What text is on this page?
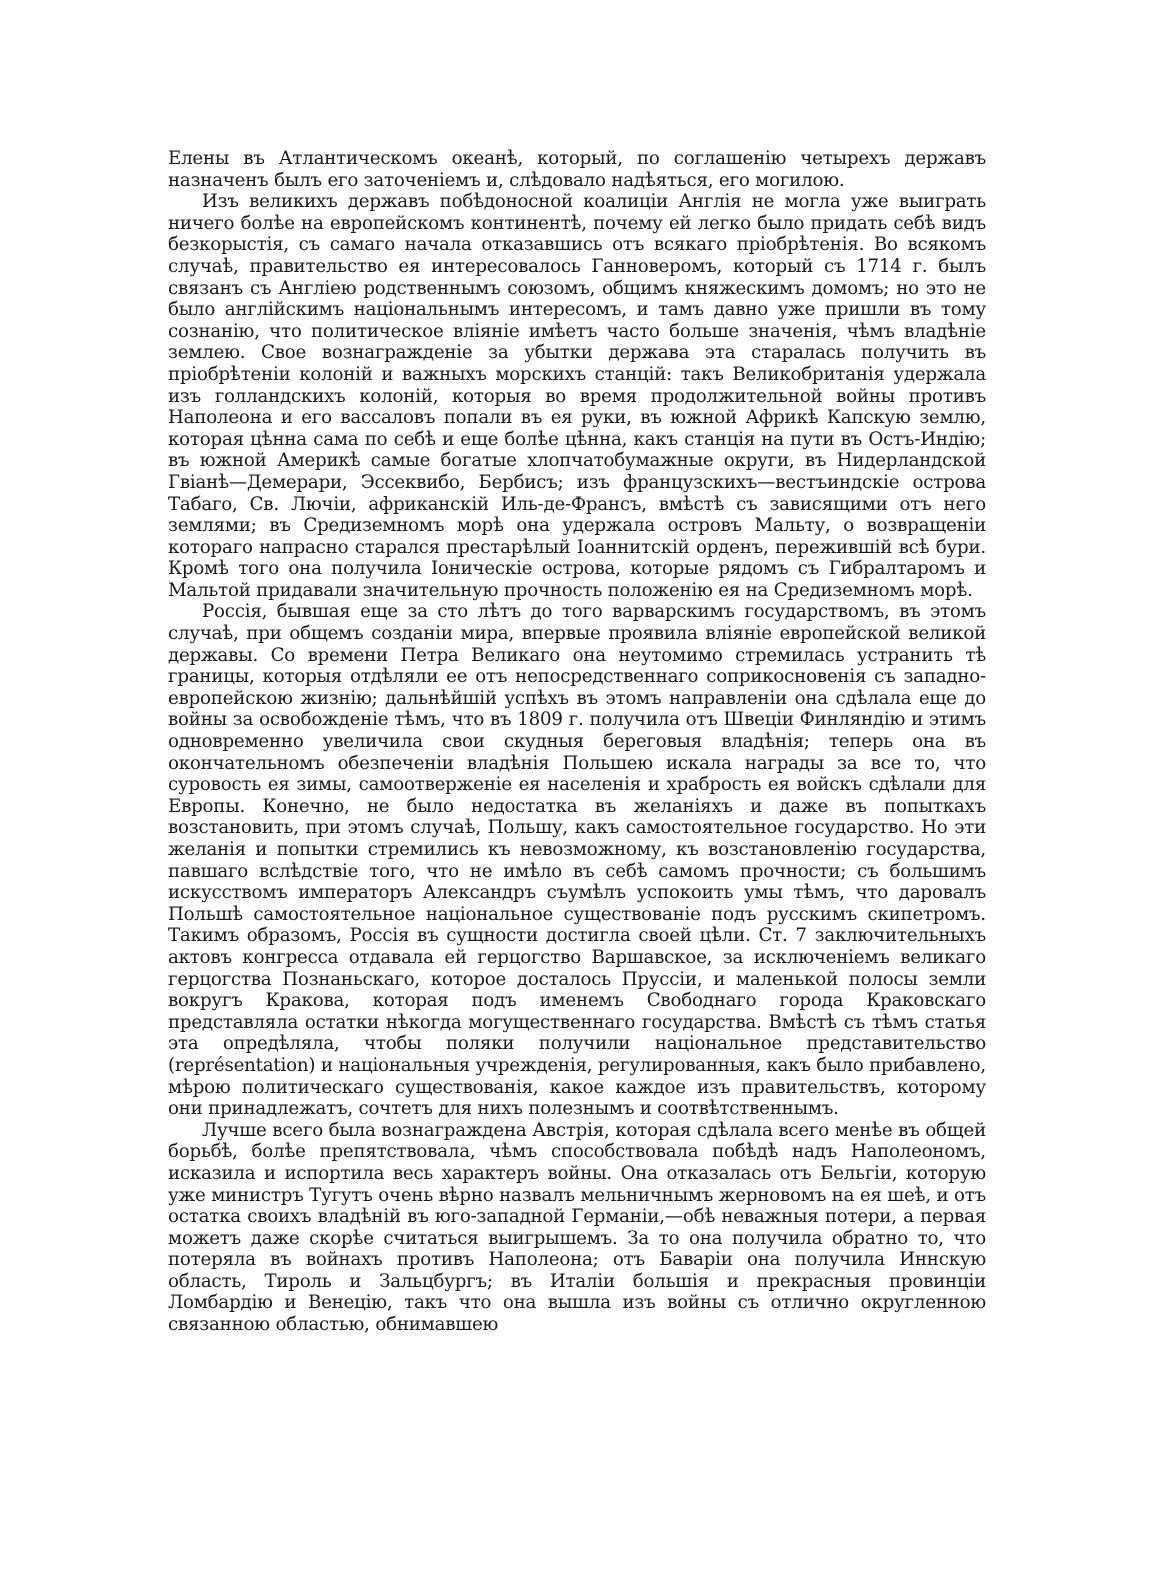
Елены въ Атлантическомъ океанѣ, который, по соглашенію четырехъ державъ назначенъ былъ его заточеніемъ и, слѣдовало надѣяться, его могилою.

Изъ великихъ державъ побѣдоносной коалиціи Англія не могла уже выиграть ничего болѣе на европейскомъ континентѣ, почему ей легко было придать себѣ видъ безкорыстія, съ самаго начала отказавшись отъ всякаго пріобрѣтенія. Во всякомъ случаѣ, правительство ея интересовалось Ганноверомъ, который съ 1714 г. былъ связанъ съ Англіею родственнымъ союзомъ, общимъ княжескимъ домомъ; но это не было англійскимъ національнымъ интересомъ, и тамъ давно уже пришли въ тому сознанію, что политическое вліяніе имѣетъ часто больше значенія, чѣмъ владѣніе землею. Свое вознагражденіе за убытки держава эта старалась получить въ пріобрѣтеніи колоній и важныхъ морскихъ станцій: такъ Великобританія удержала изъ голландскихъ колоній, которыя во время продолжительной войны противъ Наполеона и его вассаловъ попали въ ея руки, въ южной Африкѣ Капскую землю, которая цѣнна сама по себѣ и еще болѣе цѣнна, какъ станція на пути въ Остъ-Индію; въ южной Америкѣ самые богатые хлопчатобумажные округи, въ Нидерландской Гвіанѣ—Демерари, Эссеквибо, Бербисъ; изъ французскихъ—вестъиндскіе острова Табаго, Св. Лючіи, африканскій Иль-де-Франсъ, вмѣстѣ съ зависящими отъ него землями; въ Средиземномъ морѣ она удержала островъ Мальту, о возвращеніи котораго напрасно старался престарѣлый Іоаннитскій орденъ, пережившій всѣ бури. Кромѣ того она получила Іоническіе острова, которые рядомъ съ Гибралтаромъ и Мальтой придавали значительную прочность положенію ея на Средиземномъ морѣ.

Россія, бывшая еще за сто лѣтъ до того варварскимъ государствомъ, въ этомъ случаѣ, при общемъ созданіи мира, впервые проявила вліяніе европейской великой державы. Со времени Петра Великаго она неутомимо стремилась устранить тѣ границы, которыя отдѣляли ее отъ непосредственнаго соприкосновенія съ западно-европейскою жизнію; дальнѣйшій успѣхъ въ этомъ направленіи она сдѣлала еще до войны за освобожденіе тѣмъ, что въ 1809 г. получила отъ Швеціи Финляндію и этимъ одновременно увеличила свои скудныя береговыя владѣнія; теперь она въ окончательномъ обезпеченіи владѣнія Польшею искала награды за все то, что суровость ея зимы, самоотверженіе ея населенія и храбрость ея войскъ сдѣлали для Европы. Конечно, не было недостатка въ желаніяхъ и даже въ попыткахъ возстановить, при этомъ случаѣ, Польшу, какъ самостоятельное государство. Но эти желанія и попытки стремились къ невозможному, къ возстановленію государства, павшаго вслѣдствіе того, что не имѣло въ себѣ самомъ прочности; съ большимъ искусствомъ императоръ Александръ съумѣлъ успокоить умы тѣмъ, что даровалъ Польшѣ самостоятельное національное существованіе подъ русскимъ скипетромъ. Такимъ образомъ, Россія въ сущности достигла своей цѣли. Ст. 7 заключительныхъ актовъ конгресса отдавала ей герцогство Варшавское, за исключеніемъ великаго герцогства Познаньскаго, которое досталось Пруссіи, и маленькой полосы земли вокругъ Кракова, которая подъ именемъ Свободнаго города Краковскаго представляла остатки нѣкогда могущественнаго государства. Вмѣстѣ съ тѣмъ статья эта опредѣляла, чтобы поляки получили національное представительство (représentation) и національныя учрежденія, регулированныя, какъ было прибавлено, мѣрою политическаго существованія, какое каждое изъ правительствъ, которому они принадлежатъ, сочтетъ для нихъ полезнымъ и соотвѣтственнымъ.

Лучше всего была вознаграждена Австрія, которая сдѣлала всего менѣе въ общей борьбѣ, болѣе препятствовала, чѣмъ способствовала побѣдѣ надъ Наполеономъ, исказила и испортила весь характеръ войны. Она отказалась отъ Бельгіи, которую уже министръ Тугутъ очень вѣрно назвалъ мельничнымъ жерновомъ на ея шеѣ, и отъ остатка своихъ владѣній въ юго-западной Германіи,—обѣ неважныя потери, а первая можетъ даже скорѣе считаться выигрышемъ. За то она получила обратно то, что потеряла въ войнахъ противъ Наполеона; отъ Баваріи она получила Иннскую область, Тироль и Зальцбургъ; въ Италіи большія и прекрасныя провинціи Ломбардію и Венецію, такъ что она вышла изъ войны съ отлично округленною связанною областью, обнимавшею
